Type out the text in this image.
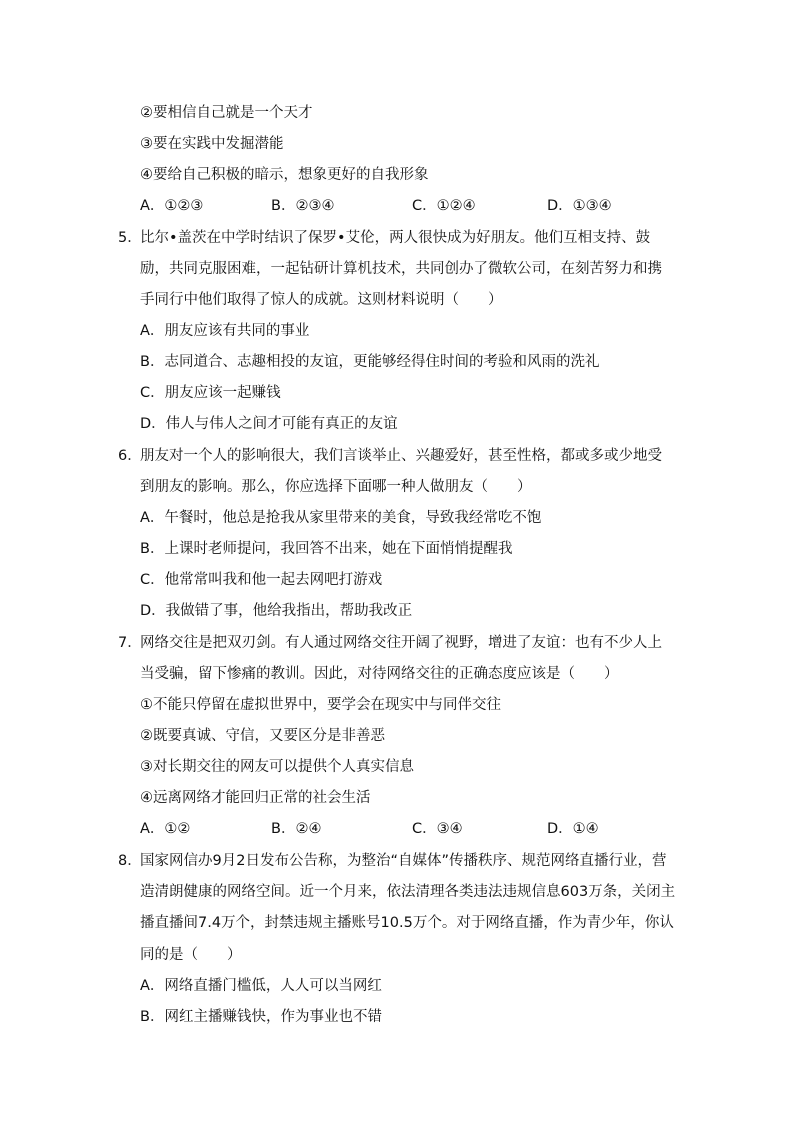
②要相信自己就是一个天才
③要在实践中发掘潜能
④要给自己积极的暗示，想象更好的自我形象
A．①②③	B．②③④	C．①②④	D．①③④
5．
比尔•盖茨在中学时结识了保罗•艾伦，两人很快成为好朋友。他们互相支持、鼓励，共同克服困难，一起钻研计算机技术，共同创办了微软公司，在刻苦努力和携手同行中他们取得了惊人的成就。这则材料说明（　　）
A．朋友应该有共同的事业
B．志同道合、志趣相投的友谊，更能够经得住时间的考验和风雨的洗礼
C．朋友应该一起赚钱
D．伟人与伟人之间才可能有真正的友谊
6．
朋友对一个人的影响很大，我们言谈举止、兴趣爱好，甚至性格，都或多或少地受到朋友的影响。那么，你应选择下面哪一种人做朋友（　　）
A．午餐时，他总是抢我从家里带来的美食，导致我经常吃不饱
B．上课时老师提问，我回答不出来，她在下面悄悄提醒我
C．他常常叫我和他一起去网吧打游戏
D．我做错了事，他给我指出，帮助我改正
7．
网络交往是把双刃剑。有人通过网络交往开阔了视野，增进了友谊：也有不少人上当受骗，留下惨痛的教训。因此，对待网络交往的正确态度应该是（　　）
①不能只停留在虚拟世界中，要学会在现实中与同伴交往
②既要真诚、守信，又要区分是非善恶
③对长期交往的网友可以提供个人真实信息
④远离网络才能回归正常的社会生活
A．①②	B．②④	C．③④	D．①④
8．
国家网信办9月2日发布公告称，为整治“自媒体”传播秩序、规范网络直播行业，营造清朗健康的网络空间。近一个月来，依法清理各类违法违规信息603万条，关闭主播直播间7.4万个，封禁违规主播账号10.5万个。对于网络直播，作为青少年，你认同的是（　　）
A．网络直播门槛低，人人可以当网红
B．网红主播赚钱快，作为事业也不错
